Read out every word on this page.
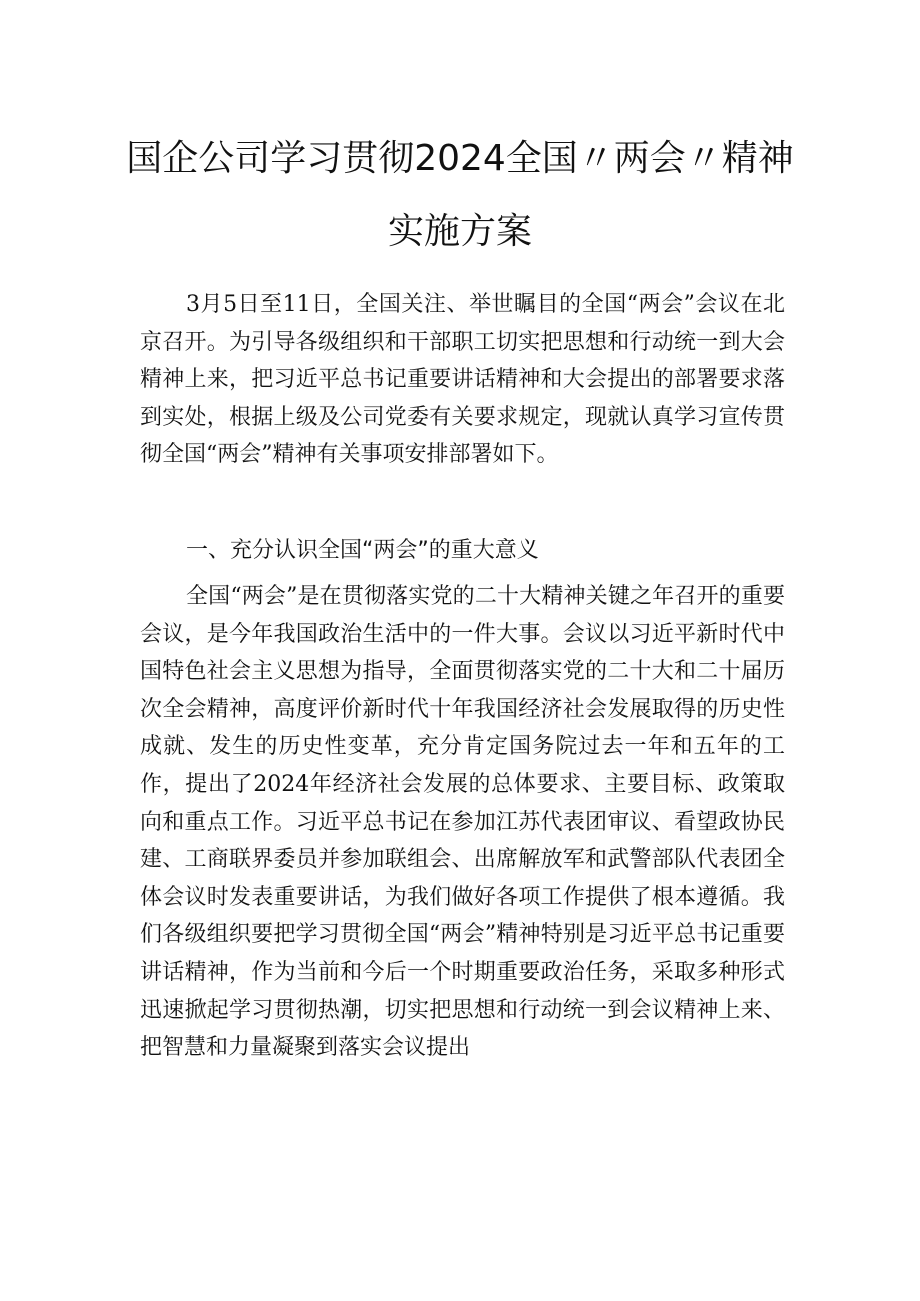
国企公司学习贯彻2024全国〃两会〃精神
实施方案

3月5日至11日，全国关注、举世瞩目的全国“两会”会议在北京召开。为引导各级组织和干部职工切实把思想和行动统一到大会精神上来，把习近平总书记重要讲话精神和大会提出的部署要求落到实处，根据上级及公司党委有关要求规定，现就认真学习宣传贯彻全国“两会”精神有关事项安排部署如下。

一、充分认识全国“两会”的重大意义

全国“两会”是在贯彻落实党的二十大精神关键之年召开的重要会议，是今年我国政治生活中的一件大事。会议以习近平新时代中国特色社会主义思想为指导，全面贯彻落实党的二十大和二十届历次全会精神，高度评价新时代十年我国经济社会发展取得的历史性成就、发生的历史性变革，充分肯定国务院过去一年和五年的工作，提出了2024年经济社会发展的总体要求、主要目标、政策取向和重点工作。习近平总书记在参加江苏代表团审议、看望政协民建、工商联界委员并参加联组会、出席解放军和武警部队代表团全体会议时发表重要讲话，为我们做好各项工作提供了根本遵循。我们各级组织要把学习贯彻全国“两会”精神特别是习近平总书记重要讲话精神，作为当前和今后一个时期重要政治任务，采取多种形式迅速掀起学习贯彻热潮，切实把思想和行动统一到会议精神上来、把智慧和力量凝聚到落实会议提出
